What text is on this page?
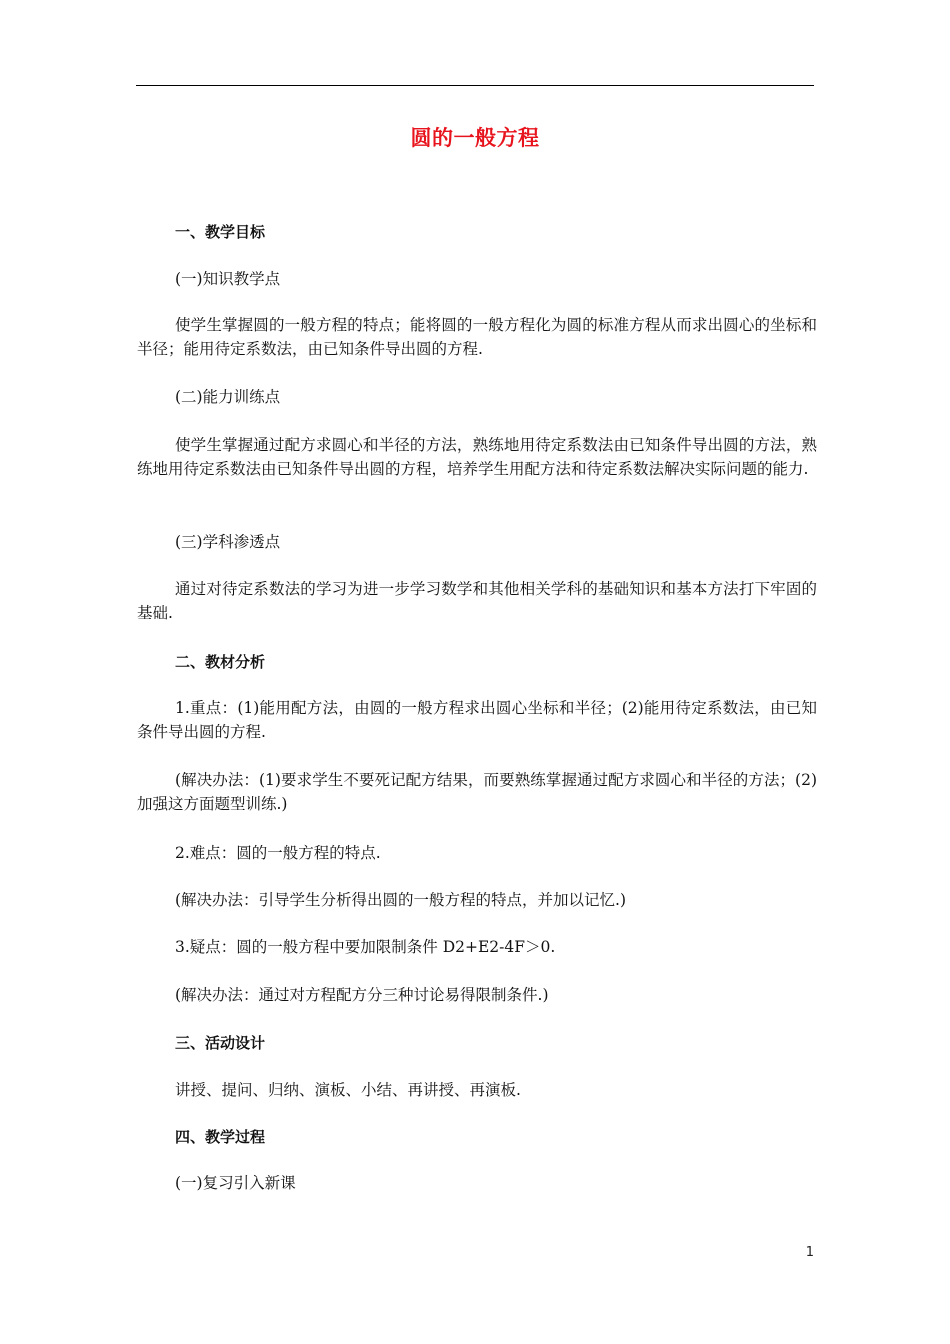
圆的一般方程
一、教学目标
(一)知识教学点
使学生掌握圆的一般方程的特点；能将圆的一般方程化为圆的标准方程从而求出圆心的坐标和半径；能用待定系数法，由已知条件导出圆的方程.
(二)能力训练点
使学生掌握通过配方求圆心和半径的方法，熟练地用待定系数法由已知条件导出圆的方法，熟练地用待定系数法由已知条件导出圆的方程，培养学生用配方法和待定系数法解决实际问题的能力.
(三)学科渗透点
通过对待定系数法的学习为进一步学习数学和其他相关学科的基础知识和基本方法打下牢固的基础.
二、教材分析
1.重点：(1)能用配方法，由圆的一般方程求出圆心坐标和半径；(2)能用待定系数法，由已知条件导出圆的方程.
(解决办法：(1)要求学生不要死记配方结果，而要熟练掌握通过配方求圆心和半径的方法；(2)加强这方面题型训练.)
2.难点：圆的一般方程的特点.
(解决办法：引导学生分析得出圆的一般方程的特点，并加以记忆.)
3.疑点：圆的一般方程中要加限制条件 D2+E2-4F＞0.
(解决办法：通过对方程配方分三种讨论易得限制条件.)
三、活动设计
讲授、提问、归纳、演板、小结、再讲授、再演板.
四、教学过程
(一)复习引入新课
1
